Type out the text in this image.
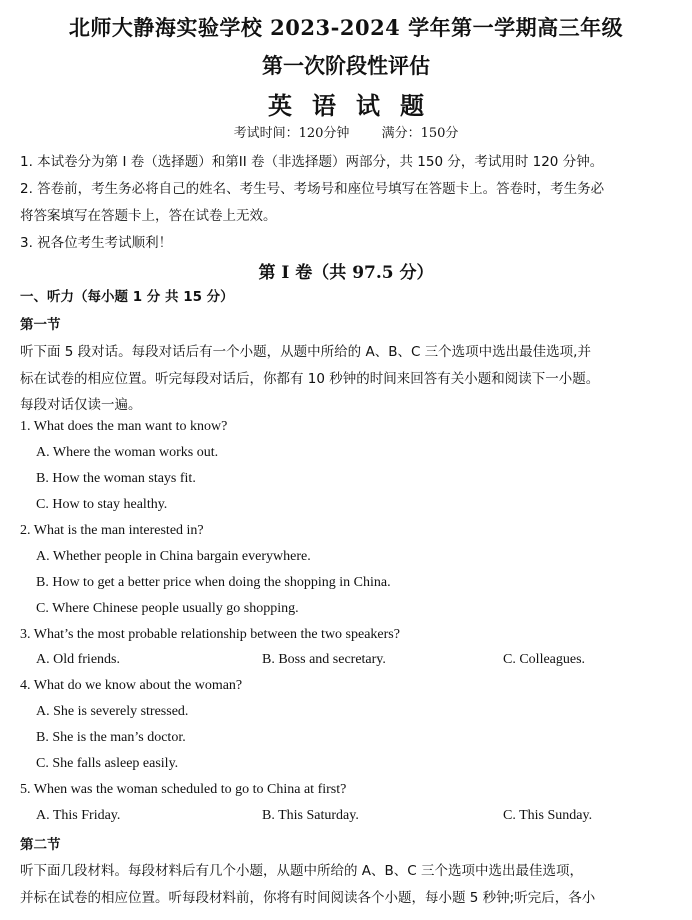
北师大静海实验学校 2023-2024 学年第一学期高三年级
第一次阶段性评估
英语试题
考试时间：120分钟 满分：150分
1. 本试卷分为第 I 卷（选择题）和第II 卷（非选择题）两部分，共 150 分，考试用时 120 分钟。
2. 答卷前，考生务必将自己的姓名、考生号、考场号和座位号填写在答题卡上。答卷时，考生务必
将答案填写在答题卡上，答在试卷上无效。
3. 祝各位考生考试顺利！
第 I 卷（共 97.5 分）
一、听力（每小题 1 分 共 15 分）
第一节
听下面 5 段对话。每段对话后有一个小题，从题中所给的 A、B、C 三个选项中选出最佳选项,并
标在试卷的相应位置。听完每段对话后，你都有 10 秒钟的时间来回答有关小题和阅读下一小题。
每段对话仅读一遍。
1. What does the man want to know?
A. Where the woman works out.
B. How the woman stays fit.
C. How to stay healthy.
2. What is the man interested in?
A. Whether people in China bargain everywhere.
B. How to get a better price when doing the shopping in China.
C. Where Chinese people usually go shopping.
3. What’s the most probable relationship between the two speakers?
A. Old friends.	B. Boss and secretary.	C. Colleagues.
4. What do we know about the woman?
A. She is severely stressed.
B. She is the man’s doctor.
C. She falls asleep easily.
5. When was the woman scheduled to go to China at first?
A. This Friday.	B. This Saturday.	C. This Sunday.
第二节
听下面几段材料。每段材料后有几个小题，从题中所给的 A、B、C 三个选项中选出最佳选项，
并标在试卷的相应位置。听每段材料前，你将有时间阅读各个小题，每小题 5 秒钟;听完后，各小
